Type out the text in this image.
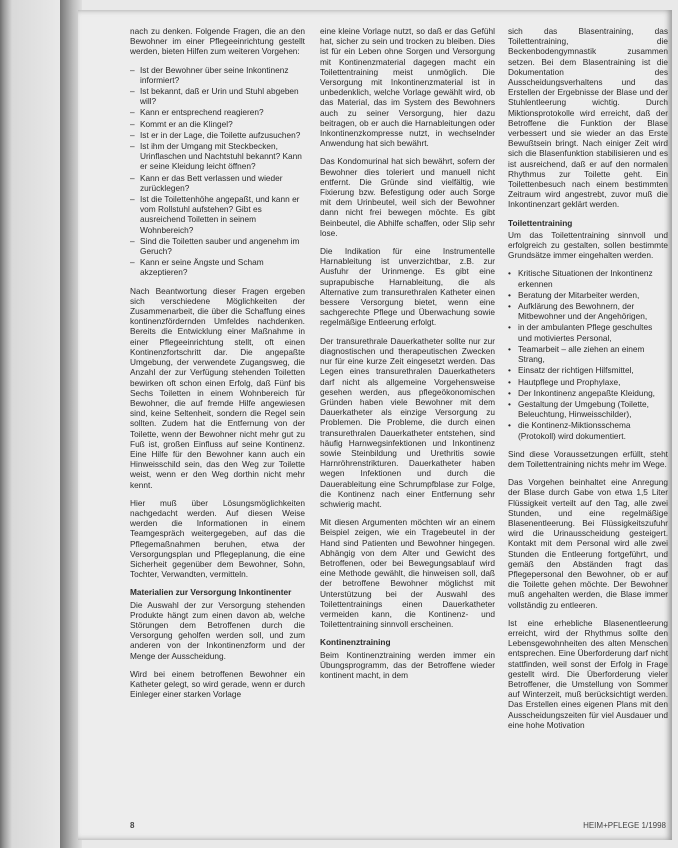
nach zu denken. Folgende Fragen, die an den Bewohner im einer Pflegeeinrichtung gestellt werden, bieten Hilfen zum weiteren Vorgehen:

– Ist der Bewohner über seine Inkontinenz informiert?
– Ist bekannt, daß er Urin und Stuhl abgeben will?
– Kann er entsprechend reagieren?
– Kommt er an die Klingel?
– Ist er in der Lage, die Toilette aufzusuchen?
– Ist ihm der Umgang mit Steckbecken, Urinflaschen und Nachtstuhl bekannt? Kann er seine Kleidung leicht öffnen?
– Kann er das Bett verlassen und wieder zurücklegen?
– Ist die Toilettenhöhe angepaßt, und kann er vom Rollstuhl aufstehen? Gibt es ausreichend Toiletten in seinem Wohnbereich?
– Sind die Toiletten sauber und angenehm im Geruch?
– Kann er seine Ängste und Scham akzeptieren?

Nach Beantwortung dieser Fragen ergeben sich verschiedene Möglichkeiten der Zusammenarbeit, die über die Schaffung eines kontinenzfördernden Umfeldes nachdenken. Bereits die Entwicklung einer Maßnahme in einer Pflegeeinrichtung stellt, oft einen Kontinenzfortschritt dar. Die angepaßte Umgebung, der verwendete Zugangsweg, die Anzahl der zur Verfügung stehenden Toiletten bewirken oft schon einen Erfolg, daß Fünf bis Sechs Toiletten in einem Wohnbereich für Bewohner, die auf fremde Hilfe angewiesen sind, keine Seltenheit, sondern die Regel sein sollten. Zudem hat die Entfernung von der Toilette, wenn der Bewohner nicht mehr gut zu Fuß ist, großen Einfluss auf seine Kontinenz. Eine Hilfe für den Bewohner kann auch ein Hinweisschild sein, das den Weg zur Toilette weist, wenn er den Weg dorthin nicht mehr kennt.

Hier muß über Lösungsmöglichkeiten nachgedacht werden. Auf diesen Weise werden die Informationen in einem Teamgespräch weitergegeben, auf das die Pflegemaßnahmen beruhen, etwa der Versorgungsplan und Pflegeplanung, die eine Sicherheit gegenüber dem Bewohner, Sohn, Tochter, Verwandten, vermitteln.

Materialien zur Versorgung Inkontinenter

Die Auswahl der zur Versorgung stehenden Produkte hängt zum einen davon ab, welche Störungen dem Betroffenen durch die Versorgung geholfen werden soll, und zum anderen von der Inkontinenzform und der Menge der Ausscheidung.

Wird bei einem betroffenen Bewohner ein Katheter gelegt, so wird gerade, wenn er durch Einleger einer starken Vorlage

eine kleine Vorlage nutzt, so daß er das Gefühl hat, sicher zu sein und trocken zu bleiben. Dies ist für ein Leben ohne Sorgen und Versorgung mit Kontinenzmaterial dagegen macht ein Toilettentraining meist unmöglich. Die Versorgung mit Inkontinenzmaterial ist in unbedenklich, welche Vorlage gewählt wird, ob das Material, das im System des Bewohners auch zu seiner Versorgung, hier dazu beitragen, ob er auch die Harnableitungen oder Inkontinenzkompresse nutzt, in wechselnder Anwendung hat sich bewährt.

Das Kondomurinal hat sich bewährt, sofern der Bewohner dies toleriert und manuell nicht entfernt. Die Gründe sind vielfältig, wie Fixierung bzw. Befestigung oder auch Sorge mit dem Urinbeutel, weil sich der Bewohner dann nicht frei bewegen möchte. Es gibt Beinbeutel, die Abhilfe schaffen, oder Slip sehr lose.

Die Indikation für eine Instrumentelle Harnableitung ist unverzichtbar, z.B. zur Ausfuhr der Urinmenge. Es gibt eine suprapubische Harnableitung, die als Alternative zum transurethralen Katheter einen bessere Versorgung bietet, wenn eine sachgerechte Pflege und Überwachung sowie regelmäßige Entleerung erfolgt.

Der transurethrale Dauerkatheter sollte nur zur diagnostischen und therapeutischen Zwecken nur für eine kurze Zeit eingesetzt werden. Das Legen eines transurethralen Dauerkatheters darf nicht als allgemeine Vorgehensweise gesehen werden, aus pflegeökonomischen Gründen haben viele Bewohner mit dem Dauerkatheter als einzige Versorgung zu Problemen. Die Probleme, die durch einen transurethralen Dauerkatheter entstehen, sind häufig Harnwegsinfektionen und Inkontinenz sowie Steinbildung und Urethritis sowie Harnröhrenstrikturen. Dauerkatheter haben wegen Infektionen und durch die Dauerableitung eine Schrumpfblase zur Folge, die Kontinenz nach einer Entfernung sehr schwierig macht.

Mit diesen Argumenten möchten wir an einem Beispiel zeigen, wie ein Tragebeutel in der Hand sind Patienten und Bewohner hingegen. Abhängig von dem Alter und Gewicht des Betroffenen, oder bei Bewegungsablauf wird eine Methode gewählt, die hinweisen soll, daß der betroffene Bewohner möglichst mit Unterstützung bei der Auswahl des Toilettentrainings einen Dauerkatheter vermeiden kann, die Kontinenz- und Toilettentraining sinnvoll erscheinen.

Kontinenztraining

Beim Kontinenztraining werden immer ein Übungsprogramm, das der Betroffene wieder kontinent macht, in dem

sich das Blasentraining, das Toilettentraining, die Beckenbodengymnastik zusammen setzen. Bei dem Blasentraining ist die Dokumentation des Ausscheidungsverhaltens und das Erstellen der Ergebnisse der Blase und der Stuhlentleerung wichtig. Durch Miktionsprotokolle wird erreicht, daß der Betroffene die Funktion der Blase verbessert und sie wieder an das Erste Bewußtsein bringt. Nach einiger Zeit wird sich die Blasenfunktion stabilisieren und es ist ausreichend, daß er auf den normalen Rhythmus zur Toilette geht. Ein Toilettenbesuch nach einem bestimmten Zeitraum wird angestrebt, zuvor muß die Inkontinenzart geklärt werden.

Toilettentraining

Um das Toilettentraining sinnvoll und erfolgreich zu gestalten, sollen bestimmte Grundsätze immer eingehalten werden.

• Kritische Situationen der Inkontinenz erkennen
• Beratung der Mitarbeiter werden,
• Aufklärung des Bewohnern, der Mitbewohner und der Angehörigen,
• in der ambulanten Pflege geschultes und motiviertes Personal,
• Teamarbeit – alle ziehen an einem Strang,
• Einsatz der richtigen Hilfsmittel,
• Hautpflege und Prophylaxe,
• Der Inkontinenz angepaßte Kleidung,
• Gestaltung der Umgebung (Toilette, Beleuchtung, Hinweisschilder),
• die Kontinenz-Miktionsschema (Protokoll) wird dokumentiert.

Sind diese Voraussetzungen erfüllt, steht dem Toilettentraining nichts mehr im Wege.

Das Vorgehen beinhaltet eine Anregung der Blase durch Gabe von etwa 1,5 Liter Flüssigkeit verteilt auf den Tag, alle zwei Stunden, und eine regelmäßige Blasenentleerung. Bei Flüssigkeitszufuhr wird die Urinausscheidung gesteigert. Kontakt mit dem Personal wird alle zwei Stunden die Entleerung fortgeführt, und gemäß den Abständen fragt das Pflegepersonal den Bewohner, ob er auf die Toilette gehen möchte. Der Bewohner muß angehalten werden, die Blase immer vollständig zu entleeren.

Ist eine erhebliche Blasenentleerung erreicht, wird der Rhythmus sollte den Lebensgewohnheiten des alten Menschen entsprechen. Eine Überforderung darf nicht stattfinden, weil sonst der Erfolg in Frage gestellt wird. Die Überforderung vieler Betroffener, die Umstellung von Sommer auf Winterzeit, muß berücksichtigt werden. Das Erstellen eines eigenen Plans mit den Ausscheidungszeiten für viel Ausdauer und eine hohe Motivation

8	HEIM+PFLEGE 1/1998
